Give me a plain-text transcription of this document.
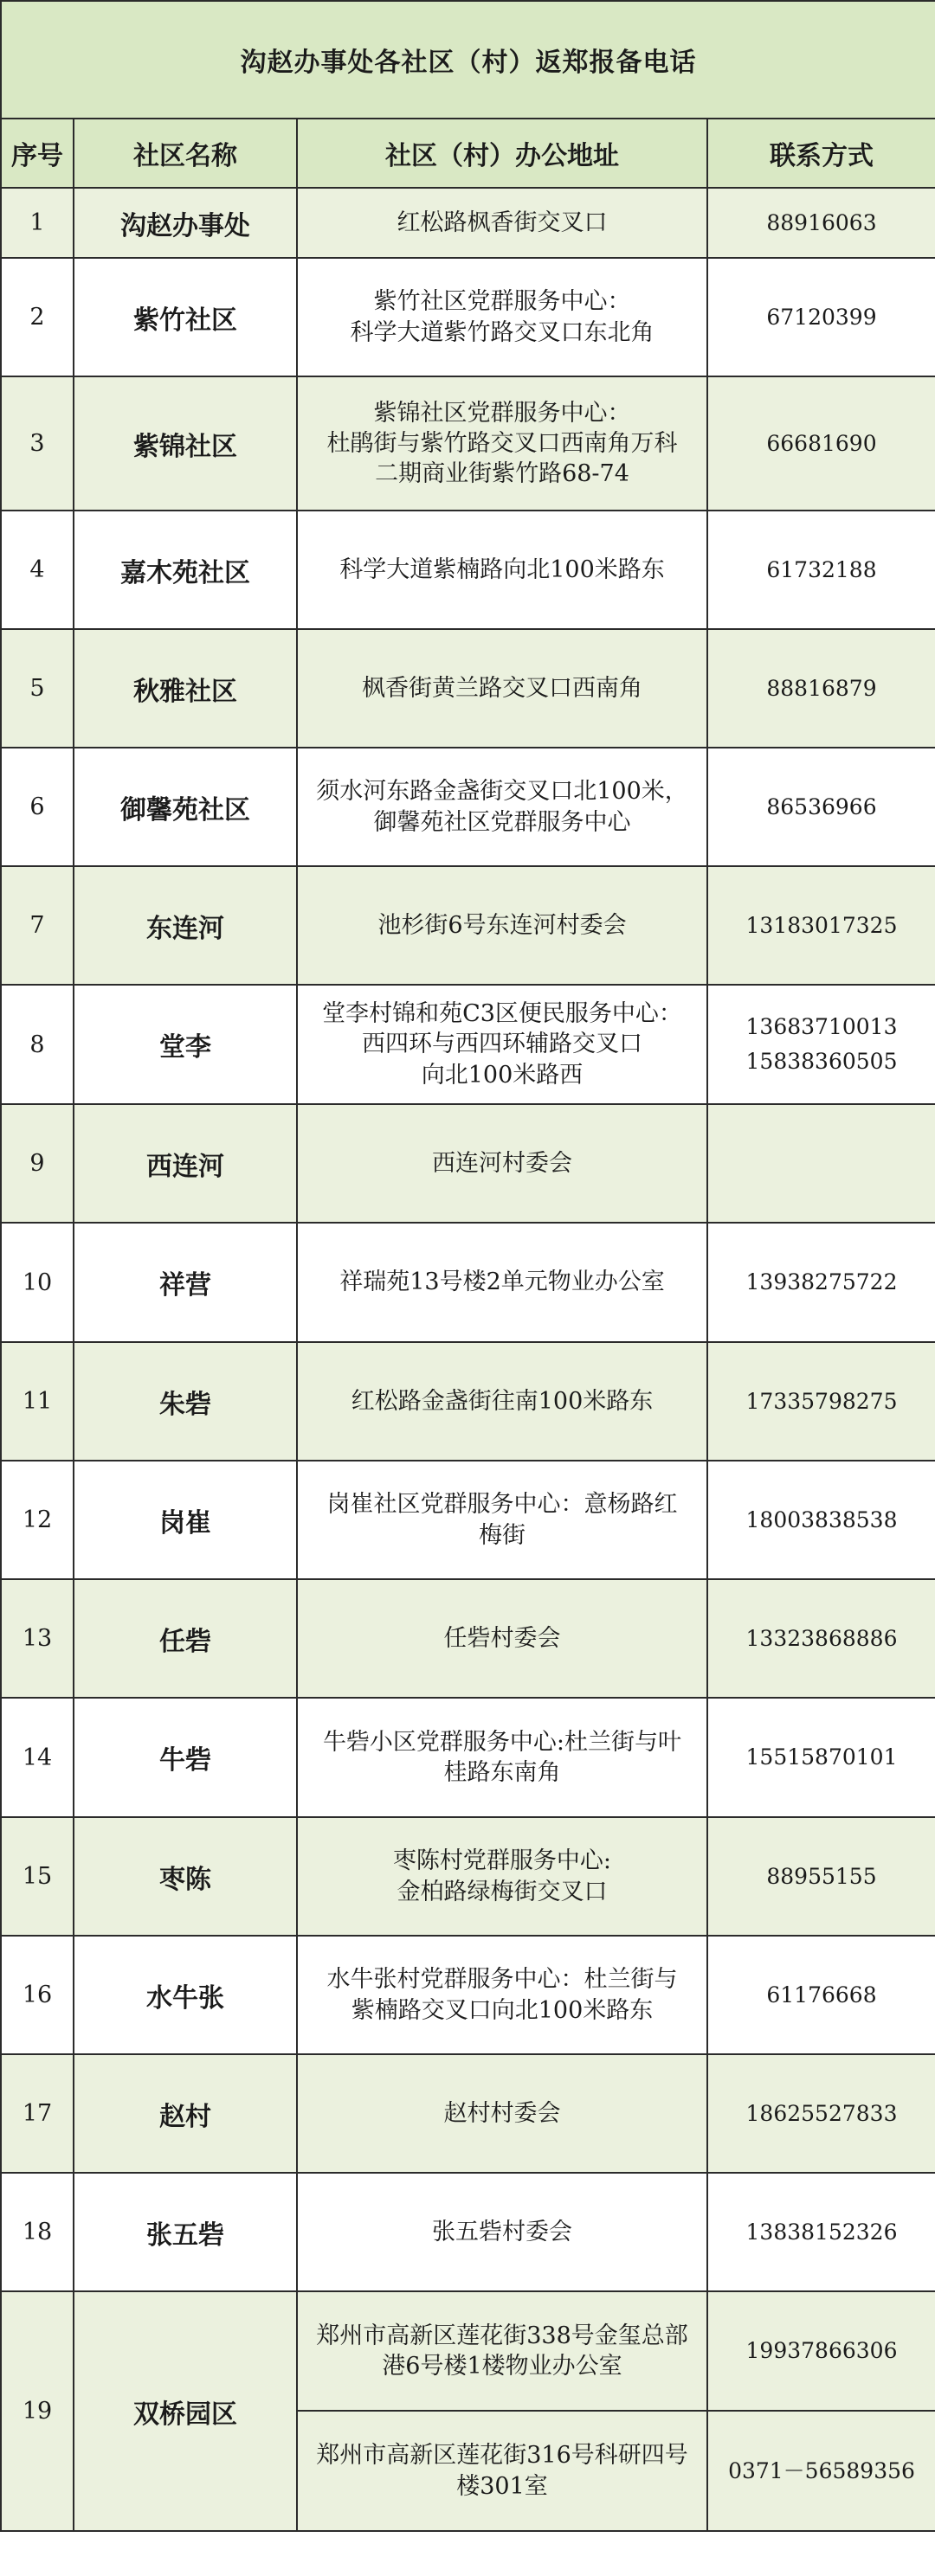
沟赵办事处各社区（村）返郑报备电话			
序号	社区名称	社区（村）办公地址	联系方式

1	沟赵办事处	红松路枫香街交叉口	88916063

2	紫竹社区	紫竹社区党群服务中心：
科学大道紫竹路交叉口东北角	67120399

3	紫锦社区	紫锦社区党群服务中心：
杜鹃街与紫竹路交叉口西南角万科
二期商业街紫竹路68-74	66681690

4	嘉木苑社区	科学大道紫楠路向北100米路东	61732188

5	秋雅社区	枫香街黄兰路交叉口西南角	88816879

6	御馨苑社区	须水河东路金盏街交叉口北100米，
御馨苑社区党群服务中心	86536966

7	东连河	池杉街6号东连河村委会	13183017325

8	堂李	堂李村锦和苑C3区便民服务中心：
西四环与西四环辅路交叉口
向北100米路西	13683710013
15838360505

9	西连河	西连河村委会	

10	祥营	祥瑞苑13号楼2单元物业办公室	13938275722

11	朱砦	红松路金盏街往南100米路东	17335798275

12	岗崔	岗崔社区党群服务中心：意杨路红
梅街	18003838538

13	任砦	任砦村委会	13323868886

14	牛砦	牛砦小区党群服务中心:杜兰街与叶
桂路东南角	15515870101

15	枣陈	枣陈村党群服务中心:
金柏路绿梅街交叉口	88955155

16	水牛张	水牛张村党群服务中心：杜兰街与
紫楠路交叉口向北100米路东	61176668

17	赵村	赵村村委会	18625527833

18	张五砦	张五砦村委会	13838152326

19	双桥园区	郑州市高新区莲花街338号金玺总部
港6号楼1楼物业办公室	19937866306

		郑州市高新区莲花街316号科研四号
楼301室	0371－56589356
